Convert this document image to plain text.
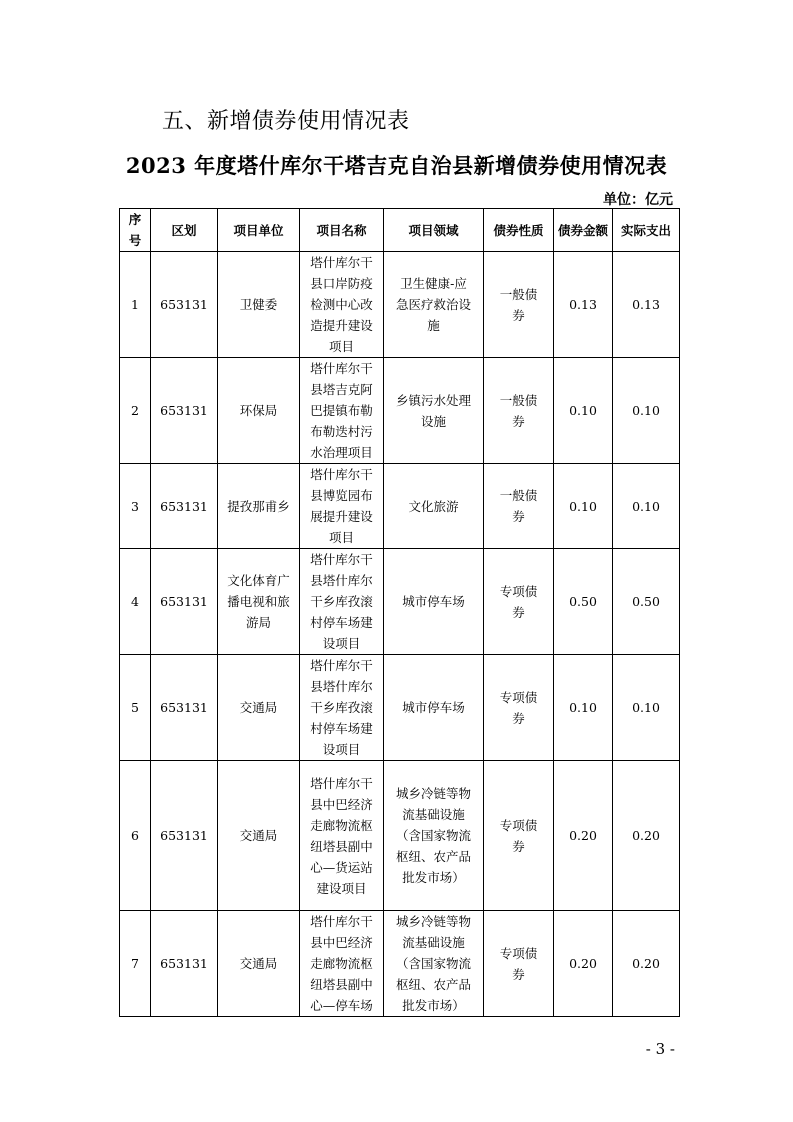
五、新增债券使用情况表
2023 年度塔什库尔干塔吉克自治县新增债券使用情况表
单位：亿元
序号	区划	项目单位	项目名称	项目领域	债券性质	债券金额	实际支出
1	653131	卫健委	塔什库尔干县口岸防疫检测中心改造提升建设项目	卫生健康-应急医疗救治设施	一般债券	0.13	0.13
2	653131	环保局	塔什库尔干县塔吉克阿巴提镇布勒布勒迭村污水治理项目	乡镇污水处理设施	一般债券	0.10	0.10
3	653131	提孜那甫乡	塔什库尔干县博览园布展提升建设项目	文化旅游	一般债券	0.10	0.10
4	653131	文化体育广播电视和旅游局	塔什库尔干县塔什库尔干乡库孜滚村停车场建设项目	城市停车场	专项债券	0.50	0.50
5	653131	交通局	塔什库尔干县塔什库尔干乡库孜滚村停车场建设项目	城市停车场	专项债券	0.10	0.10
6	653131	交通局	塔什库尔干县中巴经济走廊物流枢纽塔县副中心—货运站建设项目	城乡冷链等物流基础设施（含国家物流枢纽、农产品批发市场）	专项债券	0.20	0.20
7	653131	交通局	塔什库尔干县中巴经济走廊物流枢纽塔县副中心—停车场	城乡冷链等物流基础设施（含国家物流枢纽、农产品批发市场）	专项债券	0.20	0.20
- 3 -
